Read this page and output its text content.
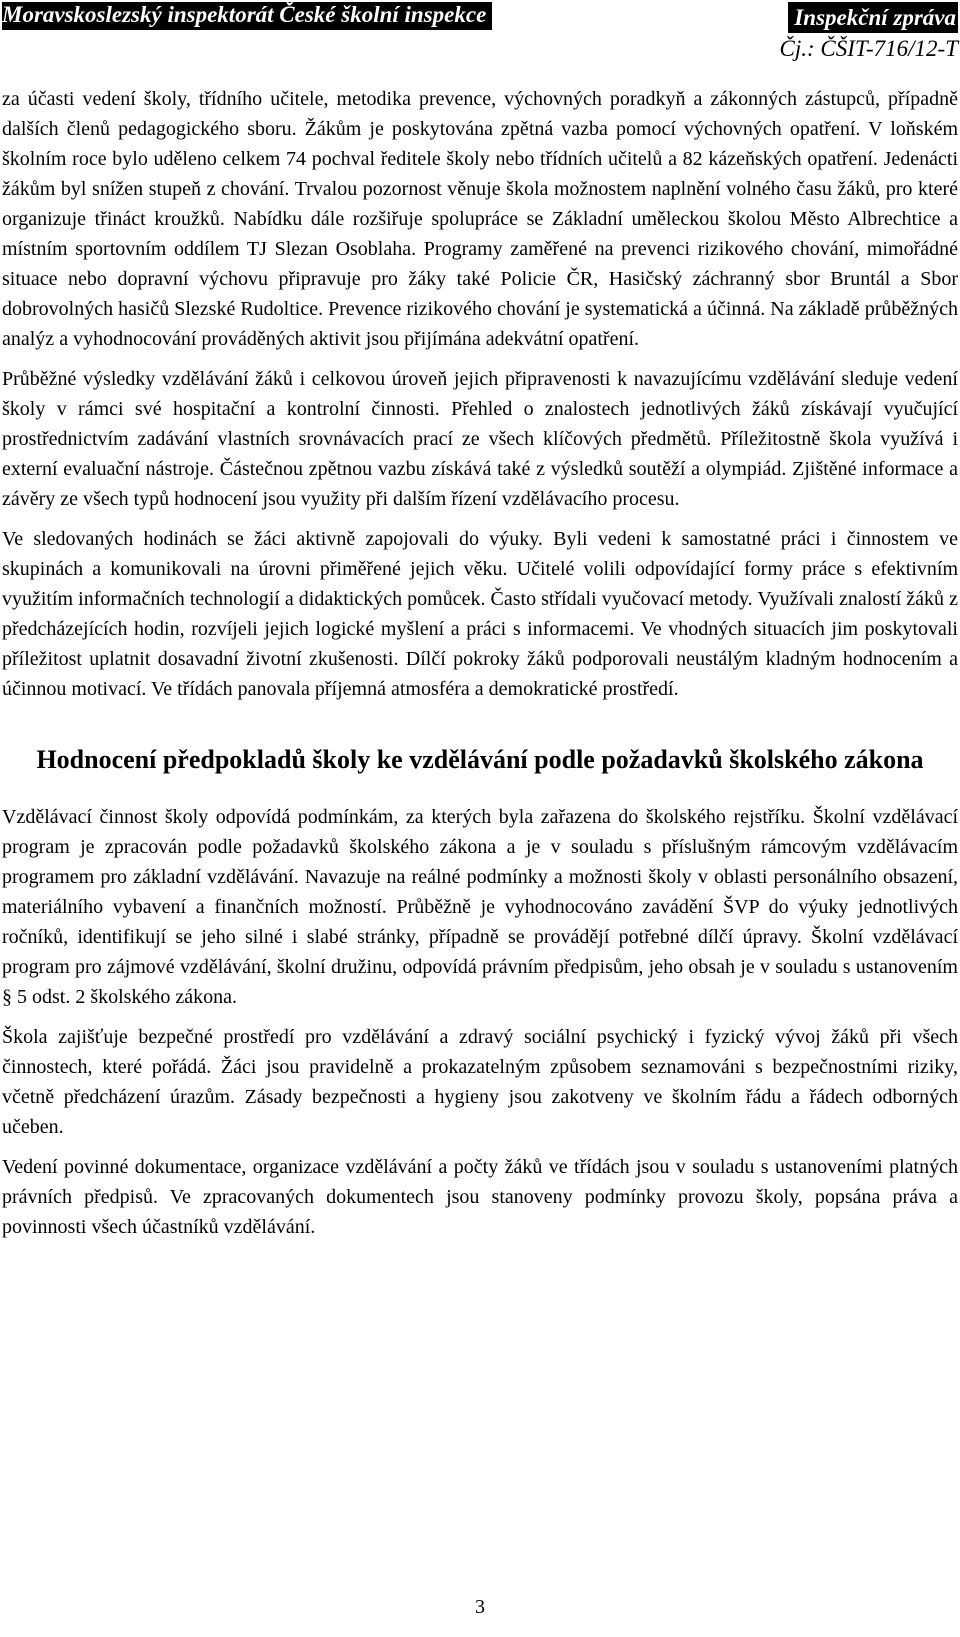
Moravskoslezský inspektorát České školní inspekce	Inspekční zpráva
Čj.: ČŠIT-716/12-T

za účasti vedení školy, třídního učitele, metodika prevence, výchovných poradkyň a zákonných zástupců, případně dalších členů pedagogického sboru. Žákům je poskytována zpětná vazba pomocí výchovných opatření. V loňském školním roce bylo uděleno celkem 74 pochval ředitele školy nebo třídních učitelů a 82 kázeňských opatření. Jedenácti žákům byl snížen stupeň z chování. Trvalou pozornost věnuje škola možnostem naplnění volného času žáků, pro které organizuje třináct kroužků. Nabídku dále rozšiřuje spolupráce se Základní uměleckou školou Město Albrechtice a místním sportovním oddílem TJ Slezan Osoblaha. Programy zaměřené na prevenci rizikového chování, mimořádné situace nebo dopravní výchovu připravuje pro žáky také Policie ČR, Hasičský záchranný sbor Bruntál a Sbor dobrovolných hasičů Slezské Rudoltice. Prevence rizikového chování je systematická a účinná. Na základě průběžných analýz a vyhodnocování prováděných aktivit jsou přijímána adekvátní opatření.

Průběžné výsledky vzdělávání žáků i celkovou úroveň jejich připravenosti k navazujícímu vzdělávání sleduje vedení školy v rámci své hospitační a kontrolní činnosti. Přehled o znalostech jednotlivých žáků získávají vyučující prostřednictvím zadávání vlastních srovnávacích prací ze všech klíčových předmětů. Příležitostně škola využívá i externí evaluační nástroje. Částečnou zpětnou vazbu získává také z výsledků soutěží a olympiád. Zjištěné informace a závěry ze všech typů hodnocení jsou využity při dalším řízení vzdělávacího procesu.

Ve sledovaných hodinách se žáci aktivně zapojovali do výuky. Byli vedeni k samostatné práci i činnostem ve skupinách a komunikovali na úrovni přiměřené jejich věku. Učitelé volili odpovídající formy práce s efektivním využitím informačních technologií a didaktických pomůcek. Často střídali vyučovací metody. Využívali znalostí žáků z předcházejících hodin, rozvíjeli jejich logické myšlení a práci s informacemi. Ve vhodných situacích jim poskytovali příležitost uplatnit dosavadní životní zkušenosti. Dílčí pokroky žáků podporovali neustálým kladným hodnocením a účinnou motivací. Ve třídách panovala příjemná atmosféra a demokratické prostředí.

Hodnocení předpokladů školy ke vzdělávání podle požadavků školského zákona

Vzdělávací činnost školy odpovídá podmínkám, za kterých byla zařazena do školského rejstříku. Školní vzdělávací program je zpracován podle požadavků školského zákona a je v souladu s příslušným rámcovým vzdělávacím programem pro základní vzdělávání. Navazuje na reálné podmínky a možnosti školy v oblasti personálního obsazení, materiálního vybavení a finančních možností. Průběžně je vyhodnocováno zavádění ŠVP do výuky jednotlivých ročníků, identifikují se jeho silné i slabé stránky, případně se provádějí potřebné dílčí úpravy. Školní vzdělávací program pro zájmové vzdělávání, školní družinu, odpovídá právním předpisům, jeho obsah je v souladu s ustanovením § 5 odst. 2 školského zákona.

Škola zajišťuje bezpečné prostředí pro vzdělávání a zdravý sociální psychický i fyzický vývoj žáků při všech činnostech, které pořádá. Žáci jsou pravidelně a prokazatelným způsobem seznamováni s bezpečnostními riziky, včetně předcházení úrazům. Zásady bezpečnosti a hygieny jsou zakotveny ve školním řádu a řádech odborných učeben.

Vedení povinné dokumentace, organizace vzdělávání a počty žáků ve třídách jsou v souladu s ustanoveními platných právních předpisů. Ve zpracovaných dokumentech jsou stanoveny podmínky provozu školy, popsána práva a povinnosti všech účastníků vzdělávání.

3
